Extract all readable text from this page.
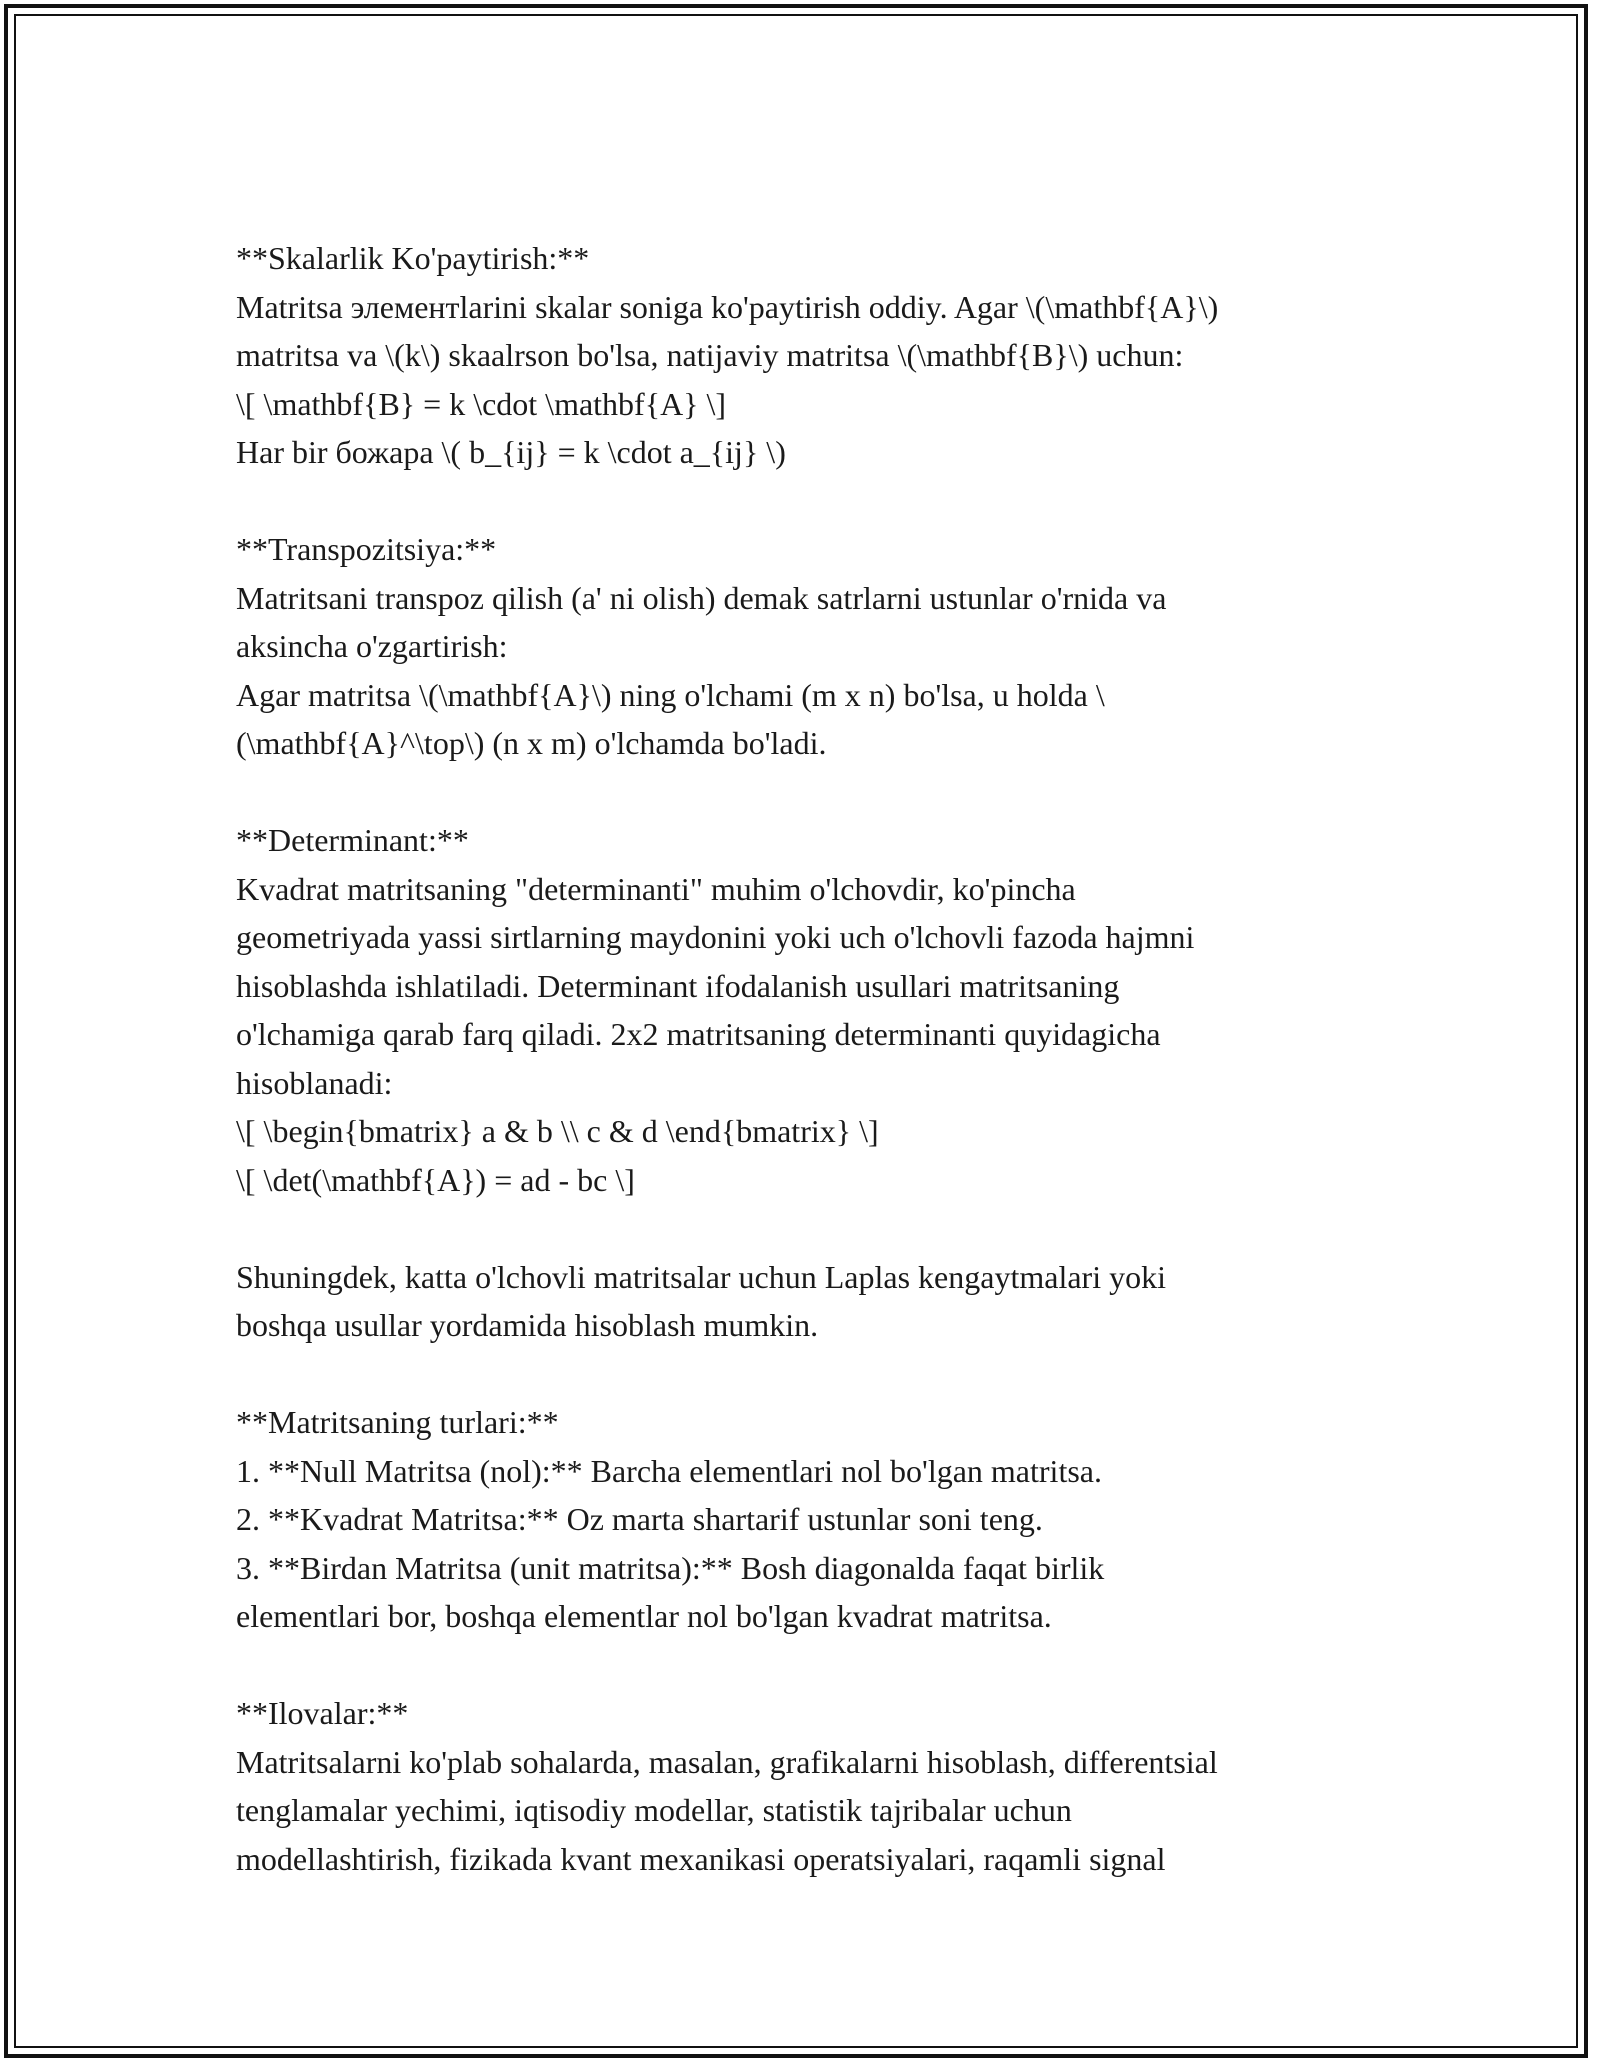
**Skalarlik Ko'paytirish:**
Matritsa элементlarini skalar soniga ko'paytirish oddiy. Agar \(\mathbf{A}\)
matritsa va \(k\) skaalrson bo'lsa, natijaviy matritsa \(\mathbf{B}\) uchun:
\[ \mathbf{B} = k \cdot \mathbf{A} \]
Har bir божара \( b_{ij} = k \cdot a_{ij} \)
**Transpozitsiya:**
Matritsani transpoz qilish (a' ni olish) demak satrlarni ustunlar o'rnida va
aksincha o'zgartirish:
Agar matritsa \(\mathbf{A}\) ning o'lchami (m x n) bo'lsa, u holda \
(\mathbf{A}^\top\) (n x m) o'lchamda bo'ladi.
**Determinant:**
Kvadrat matritsaning "determinanti" muhim o'lchovdir, ko'pincha
geometriyada yassi sirtlarning maydonini yoki uch o'lchovli fazoda hajmni
hisoblashda ishlatiladi. Determinant ifodalanish usullari matritsaning
o'lchamiga qarab farq qiladi. 2x2 matritsaning determinanti quyidagicha
hisoblanadi:
\[ \begin{bmatrix} a & b \\ c & d \end{bmatrix} \]
\[ \det(\mathbf{A}) = ad - bc \]
Shuningdek, katta o'lchovli matritsalar uchun Laplas kengaytmalari yoki
boshqa usullar yordamida hisoblash mumkin.
**Matritsaning turlari:**
1. **Null Matritsa (nol):** Barcha elementlari nol bo'lgan matritsa.
2. **Kvadrat Matritsa:** Oz marta shartarif ustunlar soni teng.
3. **Birdan Matritsa (unit matritsa):** Bosh diagonalda faqat birlik
elementlari bor, boshqa elementlar nol bo'lgan kvadrat matritsa.
**Ilovalar:**
Matritsalarni ko'plab sohalarda, masalan, grafikalarni hisoblash, differentsial
tenglamalar yechimi, iqtisodiy modellar, statistik tajribalar uchun
modellashtirish, fizikada kvant mexanikasi operatsiyalari, raqamli signal
